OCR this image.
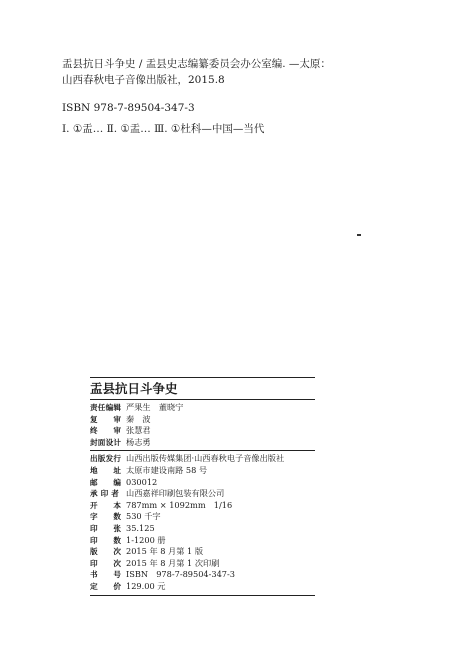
盂县抗日斗争史 / 盂县史志编纂委员会办公室编. —太原：
山西春秋电子音像出版社，2015.8
ISBN 978-7-89504-347-3
Ⅰ. ①盂… Ⅱ. ①盂… Ⅲ. ①杜科—中国—当代
盂县抗日斗争史
责任编辑 严果生　董晓宁
复　　审 秦　波
终　　审 张慧君
封面设计 杨志勇
出版发行 山西出版传媒集团·山西春秋电子音像出版社
地　　址 太原市建设南路 58 号
邮　　编 030012
承 印 者 山西嘉祥印刷包装有限公司
开　　本 787mm × 1092mm　1/16
字　　数 530 千字
印　　张 35.125
印　　数 1-1200 册
版　　次 2015 年 8 月第 1 版
印　　次 2015 年 8 月第 1 次印刷
书　　号 ISBN　978-7-89504-347-3
定　　价 129.00 元
